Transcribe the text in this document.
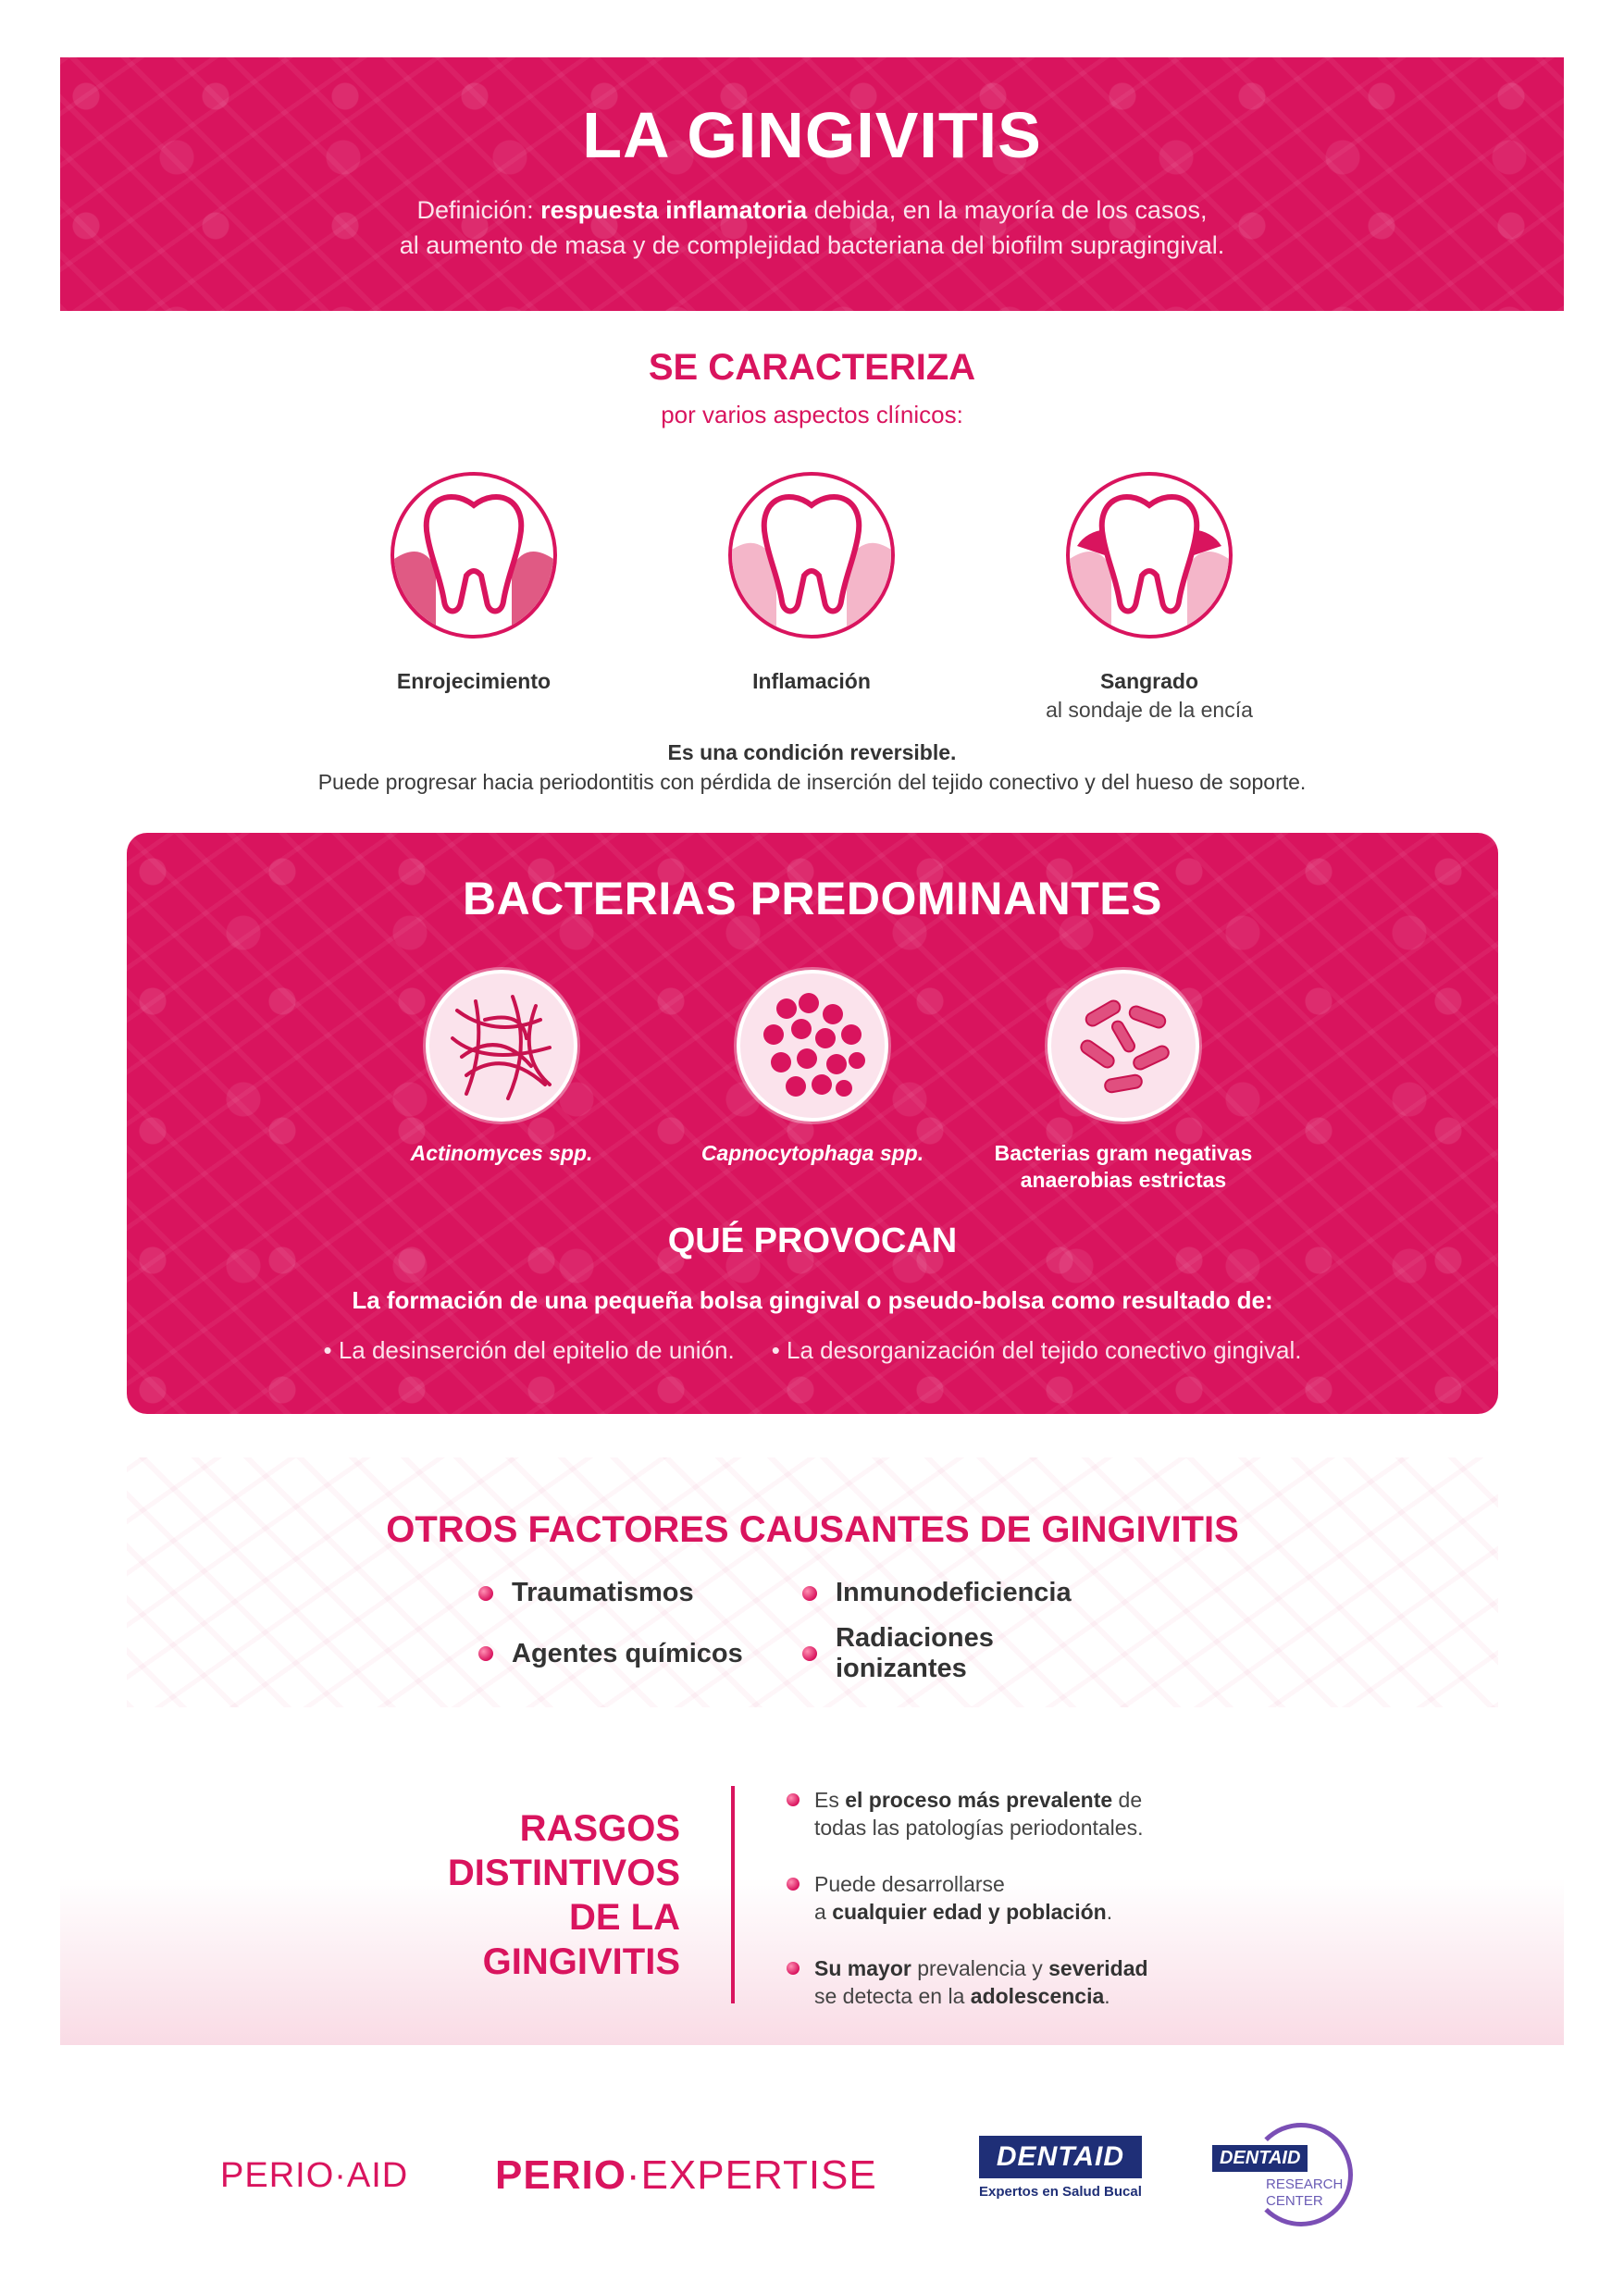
LA GINGIVITIS

Definición: respuesta inflamatoria debida, en la mayoría de los casos,
al aumento de masa y de complejidad bacteriana del biofilm supragingival.

SE CARACTERIZA
por varios aspectos clínicos:
Enrojecimiento	Inflamación	Sangrado
al sondaje de la encía
Es una condición reversible.
Puede progresar hacia periodontitis con pérdida de inserción del tejido conectivo y del hueso de soporte.
BACTERIAS PREDOMINANTES
Actinomyces spp.	Capnocytophaga spp.	Bacterias gram negativas
anaerobias estrictas
QUÉ PROVOCAN
La formación de una pequeña bolsa gingival o pseudo-bolsa como resultado de:
• La desinserción del epitelio de unión.
•	La desorganización del tejido conectivo gingival.
OTROS FACTORES CAUSANTES DE GINGIVITIS
Traumatismos	Inmunodeficiencia
Agentes químicos
Radiaciones ionizantes
RASGOS
DISTINTIVOS
DE LA
GINGIVITIS
Es el proceso más prevalente de
todas las patologías periodontales.
Puede desarrollarse
a cualquier edad y población.
Su mayor prevalencia y severidad
se detecta en la adolescencia.
PERIO·AID PERIO·EXPERTISE	DENTAID
Expertos en Salud Bucal
DENTAID
RESEARCH
CENTER
